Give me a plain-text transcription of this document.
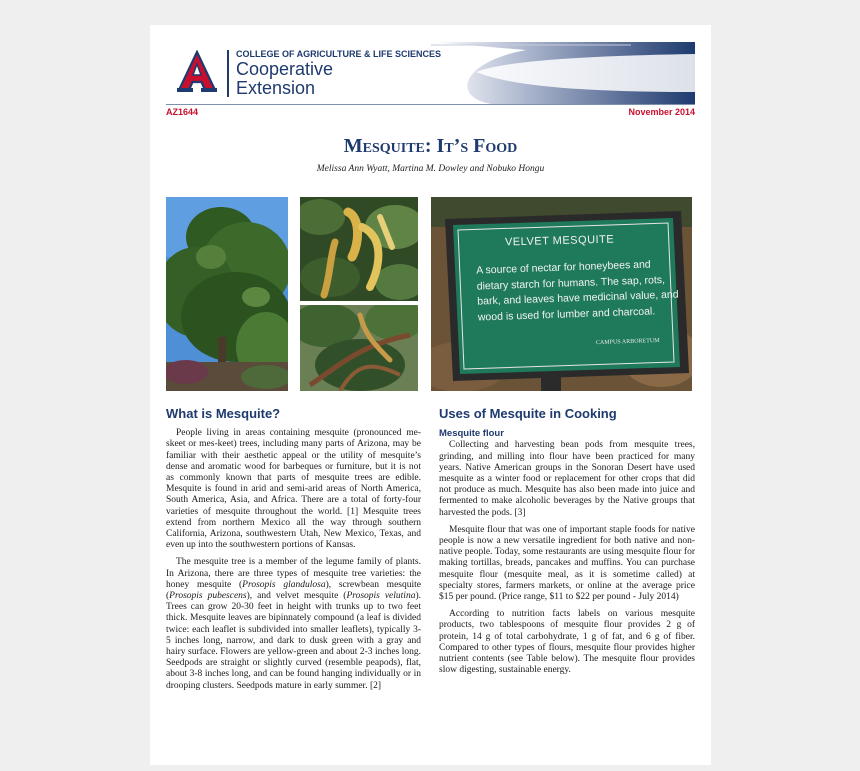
COLLEGE OF AGRICULTURE & LIFE SCIENCES
Cooperative
Extension
AZ1644	November 2014
Mesquite: It’s Food
Melissa Ann Wyatt, Martina M. Dowley and Nobuko Hongu
VELVET MESQUITE
A source of nectar for honeybees and dietary starch for humans. The sap, rots, bark, and leaves have medicinal value, and wood is used for lumber and charcoal.
CAMPUS ARBORETUM
What is Mesquite?

People living in areas containing mesquite (pronounced me-skeet or mes-keet) trees, including many parts of Arizona, may be familiar with their aesthetic appeal or the utility of mesquite’s dense and aromatic wood for barbeques or furniture, but it is not as commonly known that parts of mesquite trees are edible. Mesquite is found in arid and semi-arid areas of North America, South America, Asia, and Africa. There are a total of forty-four varieties of mesquite throughout the world. [1] Mesquite trees extend from northern Mexico all the way through southern California, Arizona, southwestern Utah, New Mexico, Texas, and even up into the southwestern portions of Kansas.

The mesquite tree is a member of the legume family of plants. In Arizona, there are three types of mesquite tree varieties: the honey mesquite (Prosopis glandulosa), screwbean mesquite (Prosopis pubescens), and velvet mesquite (Prosopis velutina). Trees can grow 20-30 feet in height with trunks up to two feet thick. Mesquite leaves are bipinnately compound (a leaf is divided twice: each leaflet is subdivided into smaller leaflets), typically 3-5 inches long, narrow, and dark to dusk green with a gray and hairy surface. Flowers are yellow-green and about 2-3 inches long. Seedpods are straight or slightly curved (resemble peapods), flat, about 3-8 inches long, and can be found hanging individually or in drooping clusters. Seedpods mature in early summer. [2]

Uses of Mesquite in Cooking
Mesquite flour

Collecting and harvesting bean pods from mesquite trees, grinding, and milling into flour have been practiced for many years. Native American groups in the Sonoran Desert have used mesquite as a winter food or replacement for other crops that did not produce as much. Mesquite has also been made into juice and fermented to make alcoholic beverages by the Native groups that harvested the pods. [3]

Mesquite flour that was one of important staple foods for native people is now a new versatile ingredient for both native and non-native people. Today, some restaurants are using mesquite flour for making tortillas, breads, pancakes and muffins. You can purchase mesquite flour (mesquite meal, as it is sometime called) at specialty stores, farmers markets, or online at the average price $15 per pound. (Price range, $11 to $22 per pound - July 2014)

According to nutrition facts labels on various mesquite products, two tablespoons of mesquite flour provides 2 g of protein, 14 g of total carbohydrate, 1 g of fat, and 6 g of fiber. Compared to other types of flours, mesquite flour provides higher nutrient contents (see Table below). The mesquite flour provides slow digesting, sustainable energy.
